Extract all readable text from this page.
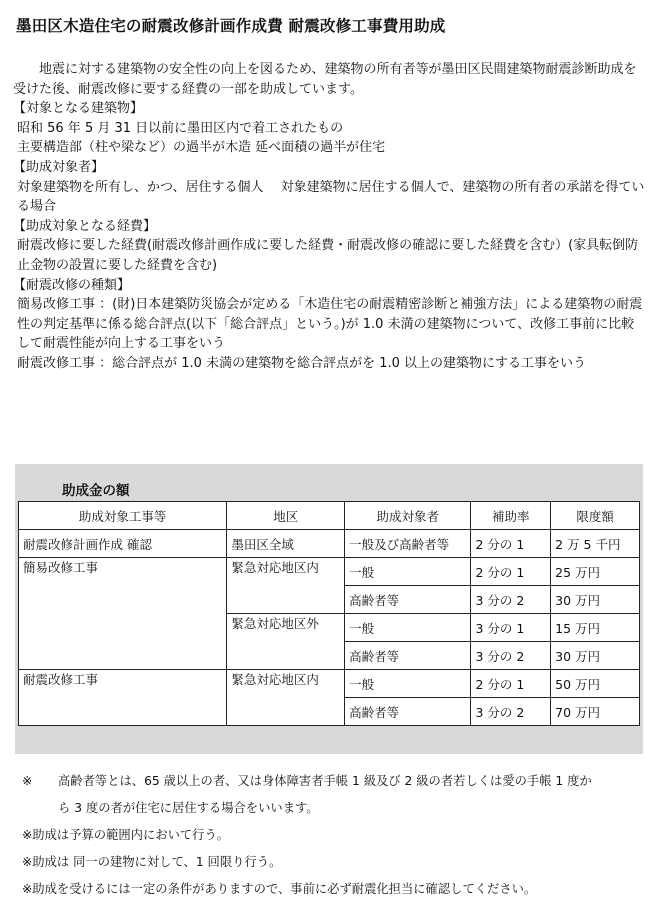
墨田区木造住宅の耐震改修計画作成費 耐震改修工事費用助成

地震に対する建築物の安全性の向上を図るため、建築物の所有者等が墨田区民間建築物耐震診断助成を受けた後、耐震改修に要する経費の一部を助成しています。

【対象となる建築物】

昭和 56 年 5 月 31 日以前に墨田区内で着工されたもの

主要構造部（柱や梁など）の過半が木造 延べ面積の過半が住宅

【助成対象者】

対象建築物を所有し、かつ、居住する個人　 対象建築物に居住する個人で、建築物の所有者の承諾を得ている場合

【助成対象となる経費】

耐震改修に要した経費(耐震改修計画作成に要した経費・耐震改修の確認に要した経費を含む）(家具転倒防止金物の設置に要した経費を含む)

【耐震改修の種類】

簡易改修工事 ：(財)日本建築防災協会が定める「木造住宅の耐震精密診断と補強方法」による建築物の耐震性の判定基準に係る総合評点(以下「総合評点」という。)が 1.0 未満の建築物について、改修工事前に比較して耐震性能が向上する工事をいう

耐震改修工事 ：総合評点が 1.0 未満の建築物を総合評点がを 1.0 以上の建築物にする工事をいう

助成金の額
助成対象工事等	地区	助成対象者	補助率	限度額
耐震改修計画作成 確認	墨田区全域	一般及び高齢者等	2 分の 1	2 万 5 千円
簡易改修工事	緊急対応地区内	一般	2 分の 1	25 万円
		高齢者等	3 分の 2	30 万円
	緊急対応地区外	一般	3 分の 1	15 万円
		高齢者等	3 分の 2	30 万円
耐震改修工事	緊急対応地区内	一般	2 分の 1	50 万円
		高齢者等	3 分の 2	70 万円

※ 高齢者等とは、65 歳以上の者、又は身体障害者手帳 1 級及び 2 級の者若しくは愛の手帳 1 度か

ら 3 度の者が住宅に居住する場合をいいます。

※助成は予算の範囲内において行う。

※助成は 同一の建物に対して、1 回限り行う。

※助成を受けるには一定の条件がありますので、事前に必ず耐震化担当に確認してください。
